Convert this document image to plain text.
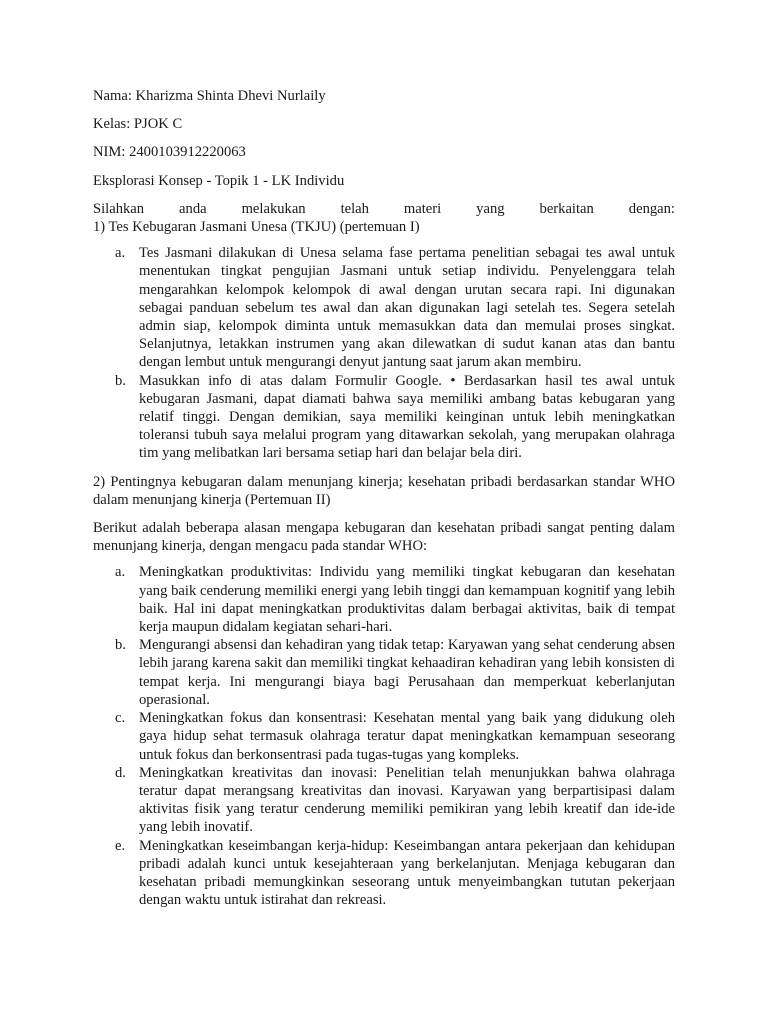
Nama: Kharizma Shinta Dhevi Nurlaily

Kelas: PJOK C

NIM: 2400103912220063

Eksplorasi Konsep - Topik 1 - LK Individu

Silahkan anda melakukan telah materi yang berkaitan dengan:

1) Tes Kebugaran Jasmani Unesa (TKJU) (pertemuan I)

a. Tes Jasmani dilakukan di Unesa selama fase pertama penelitian sebagai tes awal untuk menentukan tingkat pengujian Jasmani untuk setiap individu. Penyelenggara telah mengarahkan kelompok kelompok di awal dengan urutan secara rapi. Ini digunakan sebagai panduan sebelum tes awal dan akan digunakan lagi setelah tes. Segera setelah admin siap, kelompok diminta untuk memasukkan data dan memulai proses singkat. Selanjutnya, letakkan instrumen yang akan dilewatkan di sudut kanan atas dan bantu dengan lembut untuk mengurangi denyut jantung saat jarum akan membiru.
b. Masukkan info di atas dalam Formulir Google. • Berdasarkan hasil tes awal untuk kebugaran Jasmani, dapat diamati bahwa saya memiliki ambang batas kebugaran yang relatif tinggi. Dengan demikian, saya memiliki keinginan untuk lebih meningkatkan toleransi tubuh saya melalui program yang ditawarkan sekolah, yang merupakan olahraga tim yang melibatkan lari bersama setiap hari dan belajar bela diri.

2) Pentingnya kebugaran dalam menunjang kinerja; kesehatan pribadi berdasarkan standar WHO dalam menunjang kinerja (Pertemuan II)

Berikut adalah beberapa alasan mengapa kebugaran dan kesehatan pribadi sangat penting dalam menunjang kinerja, dengan mengacu pada standar WHO:

a. Meningkatkan produktivitas: Individu yang memiliki tingkat kebugaran dan kesehatan yang baik cenderung memiliki energi yang lebih tinggi dan kemampuan kognitif yang lebih baik. Hal ini dapat meningkatkan produktivitas dalam berbagai aktivitas, baik di tempat kerja maupun didalam kegiatan sehari-hari.
b. Mengurangi absensi dan kehadiran yang tidak tetap: Karyawan yang sehat cenderung absen lebih jarang karena sakit dan memiliki tingkat kehaadiran kehadiran yang lebih konsisten di tempat kerja. Ini mengurangi biaya bagi Perusahaan dan memperkuat keberlanjutan operasional.
c. Meningkatkan fokus dan konsentrasi: Kesehatan mental yang baik yang didukung oleh gaya hidup sehat termasuk olahraga teratur dapat meningkatkan kemampuan seseorang untuk fokus dan berkonsentrasi pada tugas-tugas yang kompleks.
d. Meningkatkan kreativitas dan inovasi: Penelitian telah menunjukkan bahwa olahraga teratur dapat merangsang kreativitas dan inovasi. Karyawan yang berpartisipasi dalam aktivitas fisik yang teratur cenderung memiliki pemikiran yang lebih kreatif dan ide-ide yang lebih inovatif.
e. Meningkatkan keseimbangan kerja-hidup: Keseimbangan antara pekerjaan dan kehidupan pribadi adalah kunci untuk kesejahteraan yang berkelanjutan. Menjaga kebugaran dan kesehatan pribadi memungkinkan seseorang untuk menyeimbangkan tututan pekerjaan dengan waktu untuk istirahat dan rekreasi.
